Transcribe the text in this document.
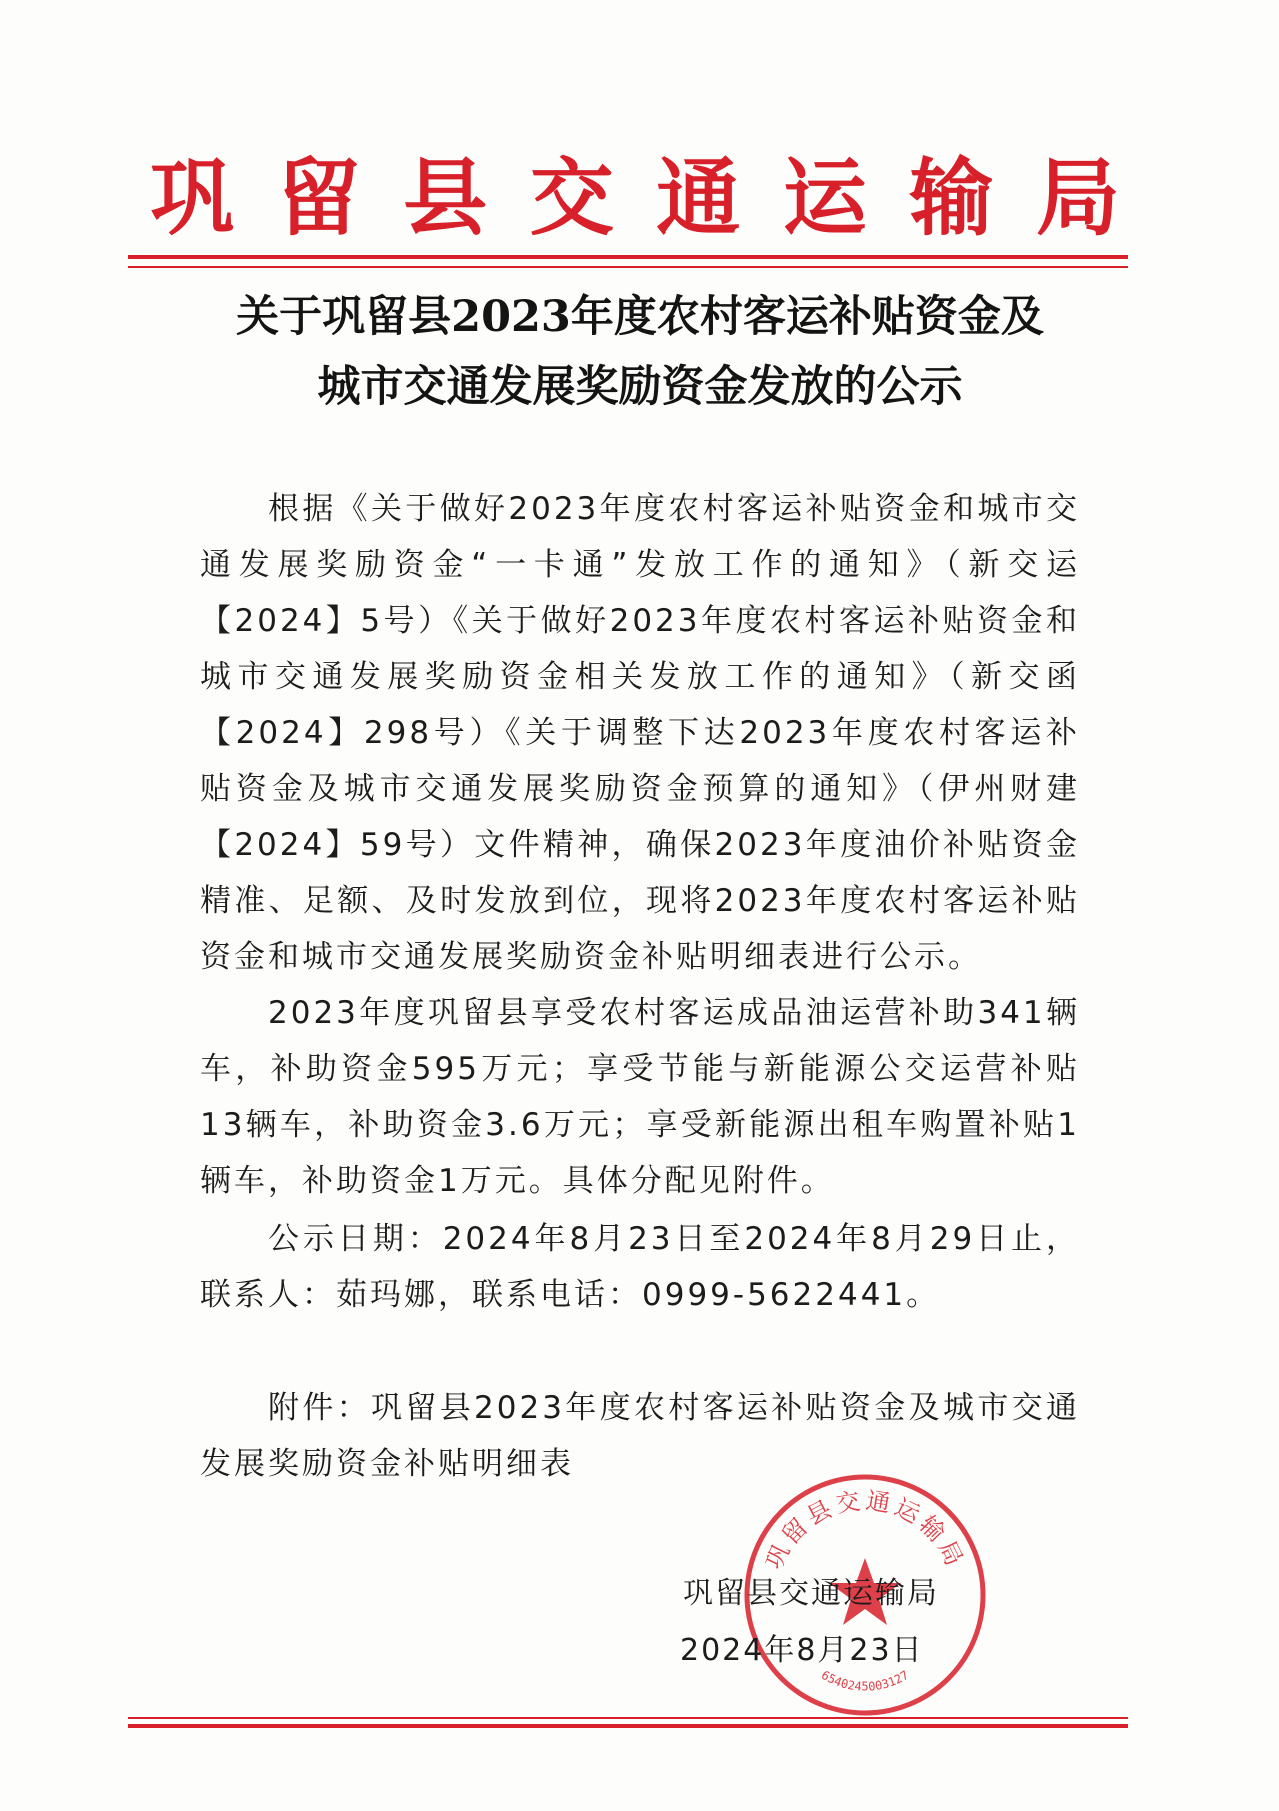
巩 留 县 交 通 运 输 局
关于巩留县2023年度农村客运补贴资金及
城市交通发展奖励资金发放的公示
根据《关于做好2023年度农村客运补贴资金和城市交通发展奖励资金“一卡通”发放工作的通知》（新交运【2024】5号）《关于做好2023年度农村客运补贴资金和城市交通发展奖励资金相关发放工作的通知》（新交函【2024】298号）《关于调整下达2023年度农村客运补贴资金及城市交通发展奖励资金预算的通知》（伊州财建【2024】59号）文件精神，确保2023年度油价补贴资金精准、足额、及时发放到位，现将2023年度农村客运补贴资金和城市交通发展奖励资金补贴明细表进行公示。
2023年度巩留县享受农村客运成品油运营补助341辆车，补助资金595万元；享受节能与新能源公交运营补贴13辆车，补助资金3.6万元；享受新能源出租车购置补贴1辆车，补助资金1万元。具体分配见附件。
公示日期：2024年8月23日至2024年8月29日止，联系人：茹玛娜，联系电话：0999-5622441。
附件：巩留县2023年度农村客运补贴资金及城市交通发展奖励资金补贴明细表
巩留县交通运输局
6540245003127
巩留县交通运输局
2024年8月23日
